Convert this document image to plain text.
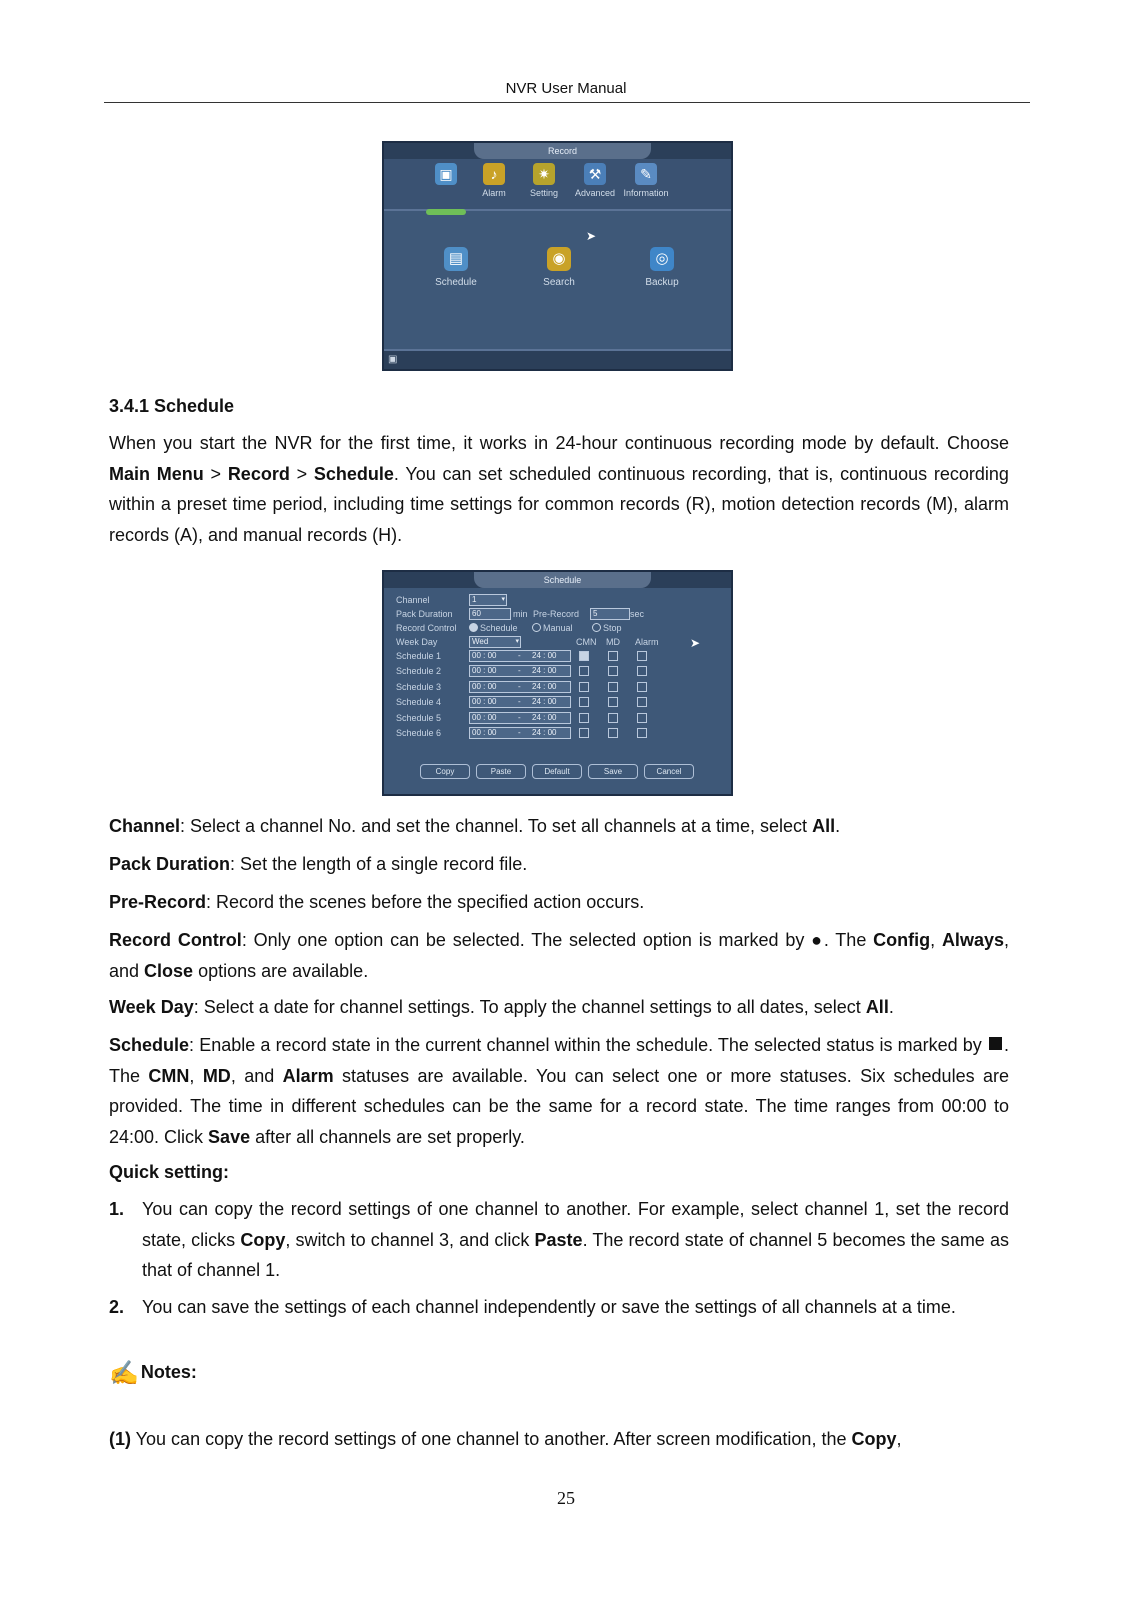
NVR User Manual
Record
▣	♪
Alarm
✷
Setting
⚒
Advanced
✎
Information
➤
▤
Schedule
◉
Search
◎
Backup
▣
3.4.1 Schedule
When you start the NVR for the first time, it works in 24-hour continuous recording mode by default. Choose Main Menu > Record > Schedule. You can set scheduled continuous recording, that is, continuous recording within a preset time period, including time settings for common records (R), motion detection records (M), alarm records (A), and manual records (H).
Schedule
Channel	1 ▾
Pack Duration	60	min Pre-Record	5	sec
Record Control	Schedule	Manual	Stop
Week Day	Wed ▾	CMN MD Alarm	➤
Schedule 1	00 : 00	- 24 : 00
Schedule 2	00 : 00	- 24 : 00
Schedule 3	00 : 00	- 24 : 00
Schedule 4	00 : 00	- 24 : 00
Schedule 5	00 : 00	- 24 : 00
Schedule 6	00 : 00	- 24 : 00
Copy	Paste	Default	Save	Cancel
Channel: Select a channel No. and set the channel. To set all channels at a time, select All.
Pack Duration: Set the length of a single record file.
Pre-Record: Record the scenes before the specified action occurs.
Record Control: Only one option can be selected. The selected option is marked by ●. The Config, Always, and Close options are available.
Week Day: Select a date for channel settings. To apply the channel settings to all dates, select All.
Schedule: Enable a record state in the current channel within the schedule. The selected status is marked by . The CMN, MD, and Alarm statuses are available. You can select one or more statuses. Six schedules are provided. The time in different schedules can be the same for a record state. The time ranges from 00:00 to 24:00. Click Save after all channels are set properly.
Quick setting:
1. You can copy the record settings of one channel to another. For example, select channel 1, set the record state, clicks Copy, switch to channel 3, and click Paste. The record state of channel 5 becomes the same as that of channel 1.
2. You can save the settings of each channel independently or save the settings of all channels at a time.
✍ Notes:
(1) You can copy the record settings of one channel to another. After screen modification, the Copy,
25
